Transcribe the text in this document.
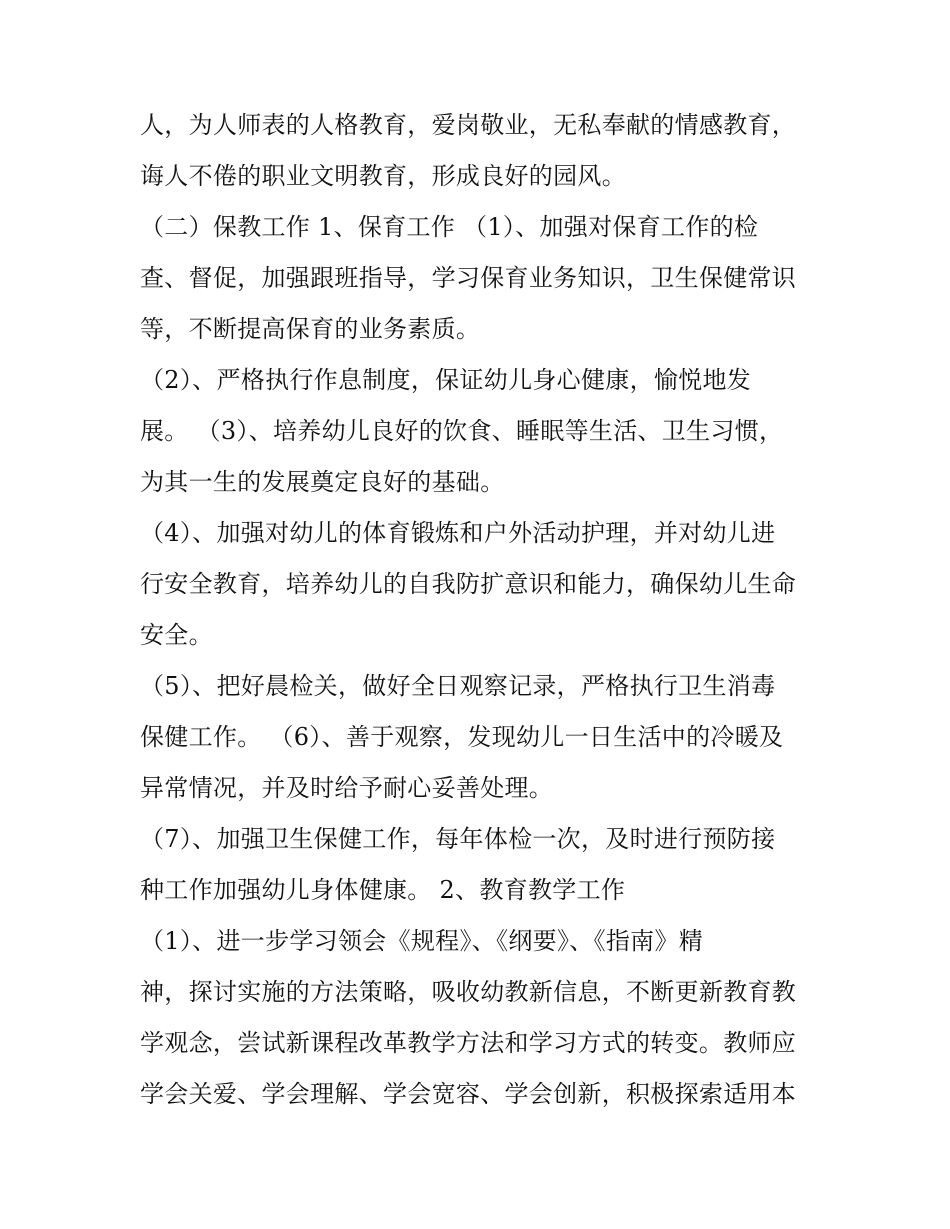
人，为人师表的人格教育，爱岗敬业，无私奉献的情感教育，
诲人不倦的职业文明教育，形成良好的园风。
（二）保教工作 1、保育工作 （1）、加强对保育工作的检
查、督促，加强跟班指导，学习保育业务知识，卫生保健常识
等，不断提高保育的业务素质。
（2）、严格执行作息制度，保证幼儿身心健康，愉悦地发
展。 （3）、培养幼儿良好的饮食、睡眠等生活、卫生习惯，
为其一生的发展奠定良好的基础。
（4）、加强对幼儿的体育锻炼和户外活动护理，并对幼儿进
行安全教育，培养幼儿的自我防扩意识和能力，确保幼儿生命
安全。
（5）、把好晨检关，做好全日观察记录，严格执行卫生消毒
保健工作。 （6）、善于观察，发现幼儿一日生活中的冷暖及
异常情况，并及时给予耐心妥善处理。
（7）、加强卫生保健工作，每年体检一次，及时进行预防接
种工作加强幼儿身体健康。 2、教育教学工作
（1）、进一步学习领会《规程》、《纲要》、《指南》精
神，探讨实施的方法策略，吸收幼教新信息，不断更新教育教
学观念，尝试新课程改革教学方法和学习方式的转变。教师应
学会关爱、学会理解、学会宽容、学会创新，积极探索适用本
